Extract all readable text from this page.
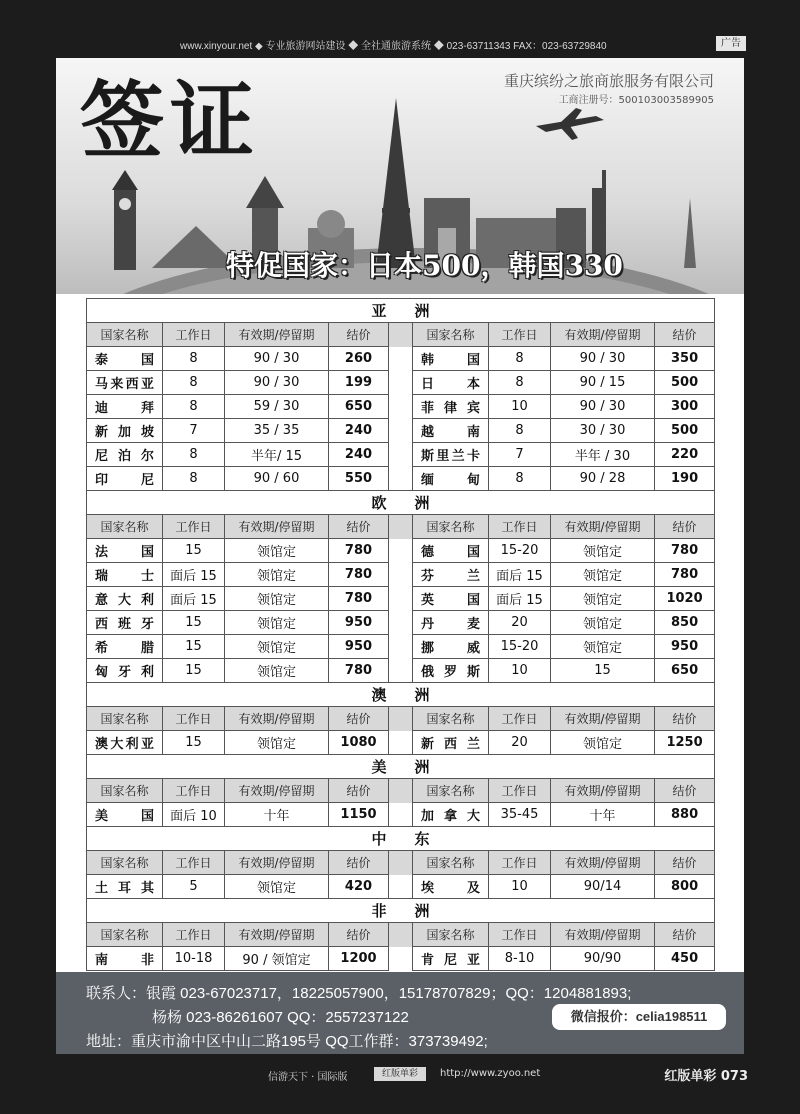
www.xinyour.net ◆ 专业旅游网站建设 ◆ 全社通旅游系统 ◆ 023-63711343 FAX：023-63729840	广告
签证	重庆缤纷之旅商旅服务有限公司
工商注册号：500103003589905
特促国家：日本500，韩国330
亚洲								
国家名称	工作日	有效期/停留期	结价		国家名称	工作日	有效期/停留期	结价
泰国	8	90 / 30	260		韩国	8	90 / 30	350
马来西亚	8	90 / 30	199		日本	8	90 / 15	500
迪拜	8	59 / 30	650		菲律宾	10	90 / 30	300
新加坡	7	35 / 35	240		越南	8	30 / 30	500
尼泊尔	8	半年/ 15	240		斯里兰卡	7	半年 / 30	220
印尼	8	90 / 60	550		缅甸	8	90 / 28	190
欧洲								
国家名称	工作日	有效期/停留期	结价		国家名称	工作日	有效期/停留期	结价
法国	15	领馆定	780		德国	15-20	领馆定	780
瑞士	面后 15	领馆定	780		芬兰	面后 15	领馆定	780
意大利	面后 15	领馆定	780		英国	面后 15	领馆定	1020
西班牙	15	领馆定	950		丹麦	20	领馆定	850
希腊	15	领馆定	950		挪威	15-20	领馆定	950
匈牙利	15	领馆定	780		俄罗斯	10	15	650
澳洲								
国家名称	工作日	有效期/停留期	结价		国家名称	工作日	有效期/停留期	结价
澳大利亚	15	领馆定	1080		新西兰	20	领馆定	1250
美洲								
国家名称	工作日	有效期/停留期	结价		国家名称	工作日	有效期/停留期	结价
美国	面后 10	十年	1150		加拿大	35-45	十年	880
中东								
国家名称	工作日	有效期/停留期	结价		国家名称	工作日	有效期/停留期	结价
土耳其	5	领馆定	420		埃及	10	90/14	800
非洲								
国家名称	工作日	有效期/停留期	结价		国家名称	工作日	有效期/停留期	结价
南非	10-18	90 / 领馆定	1200		肯尼亚	8-10	90/90	450
联系人：银霞 023-67023717，18225057900，15178707829；QQ：1204881893;
杨杨 023-86261607 QQ：2557237122
地址：重庆市渝中区中山二路195号 QQ工作群：373739492;
微信报价：celia198511
信游天下 · 国际版	红版单彩	http://www.zyoo.net	红版单彩 073
